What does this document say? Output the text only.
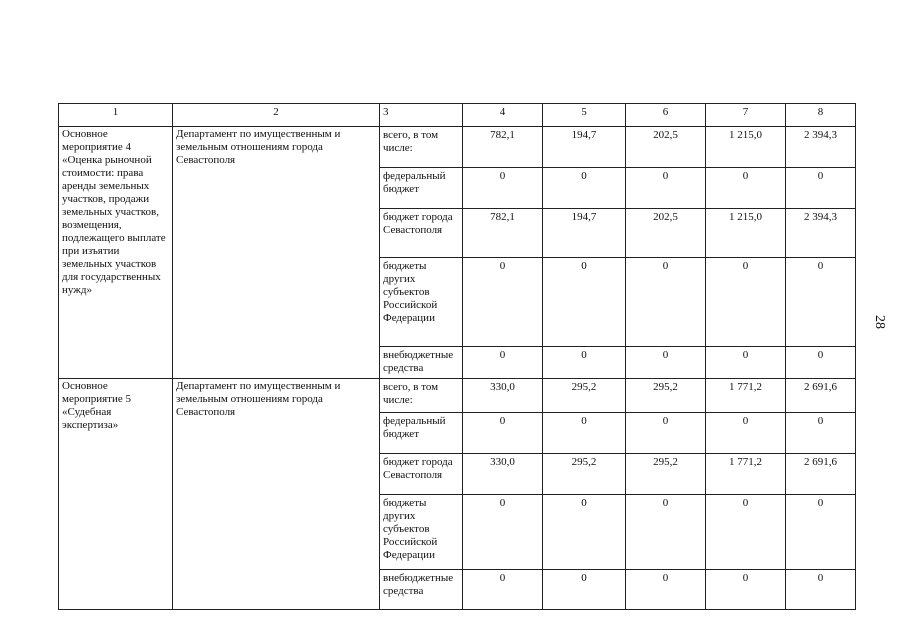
1	2	3	4	5	6	7	8
Основное мероприятие 4 «Оценка рыночной стоимости: права аренды земельных участков, продажи земельных участков, возмещения, подлежащего выплате при изъятии земельных участков для государственных нужд»	Департамент по имущественным и земельным отношениям города Севастополя	всего, в том числе:	782,1	194,7	202,5	1 215,0	2 394,3
		федеральный бюджет	0	0	0	0	0
		бюджет города Севастополя	782,1	194,7	202,5	1 215,0	2 394,3
		бюджеты других субъектов Российской Федерации	0	0	0	0	0
		внебюджетные средства	0	0	0	0	0
Основное мероприятие 5 «Судебная экспертиза»	Департамент по имущественным и земельным отношениям города Севастополя	всего, в том числе:	330,0	295,2	295,2	1 771,2	2 691,6
		федеральный бюджет	0	0	0	0	0
		бюджет города Севастополя	330,0	295,2	295,2	1 771,2	2 691,6
		бюджеты других субъектов Российской Федерации	0	0	0	0	0
		внебюджетные средства	0	0	0	0	0
28
